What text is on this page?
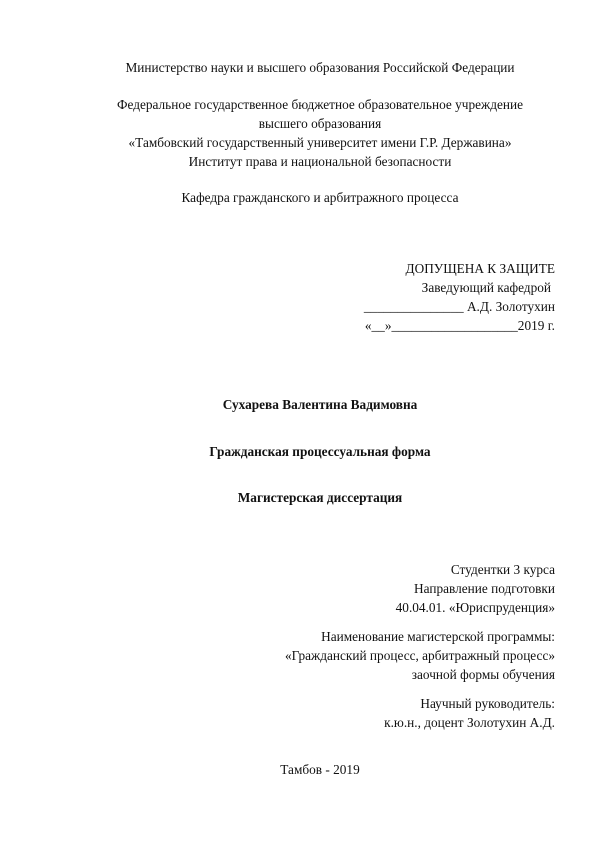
Министерство науки и высшего образования Российской Федерации
Федеральное государственное бюджетное образовательное учреждение
высшего образования
«Тамбовский государственный университет имени Г.Р. Державина»
Институт права и национальной безопасности
Кафедра гражданского и арбитражного процесса
ДОПУЩЕНА К ЗАЩИТЕ
Заведующий кафедрой
_______________ А.Д. Золотухин
«__»___________________2019 г.
Сухарева Валентина Вадимовна
Гражданская процессуальная форма
Магистерская диссертация
Студентки 3 курса
Направление подготовки
40.04.01. «Юриспруденция»
Наименование магистерской программы:
«Гражданский процесс, арбитражный процесс»
заочной формы обучения
Научный руководитель:
к.ю.н., доцент Золотухин А.Д.
Тамбов - 2019
